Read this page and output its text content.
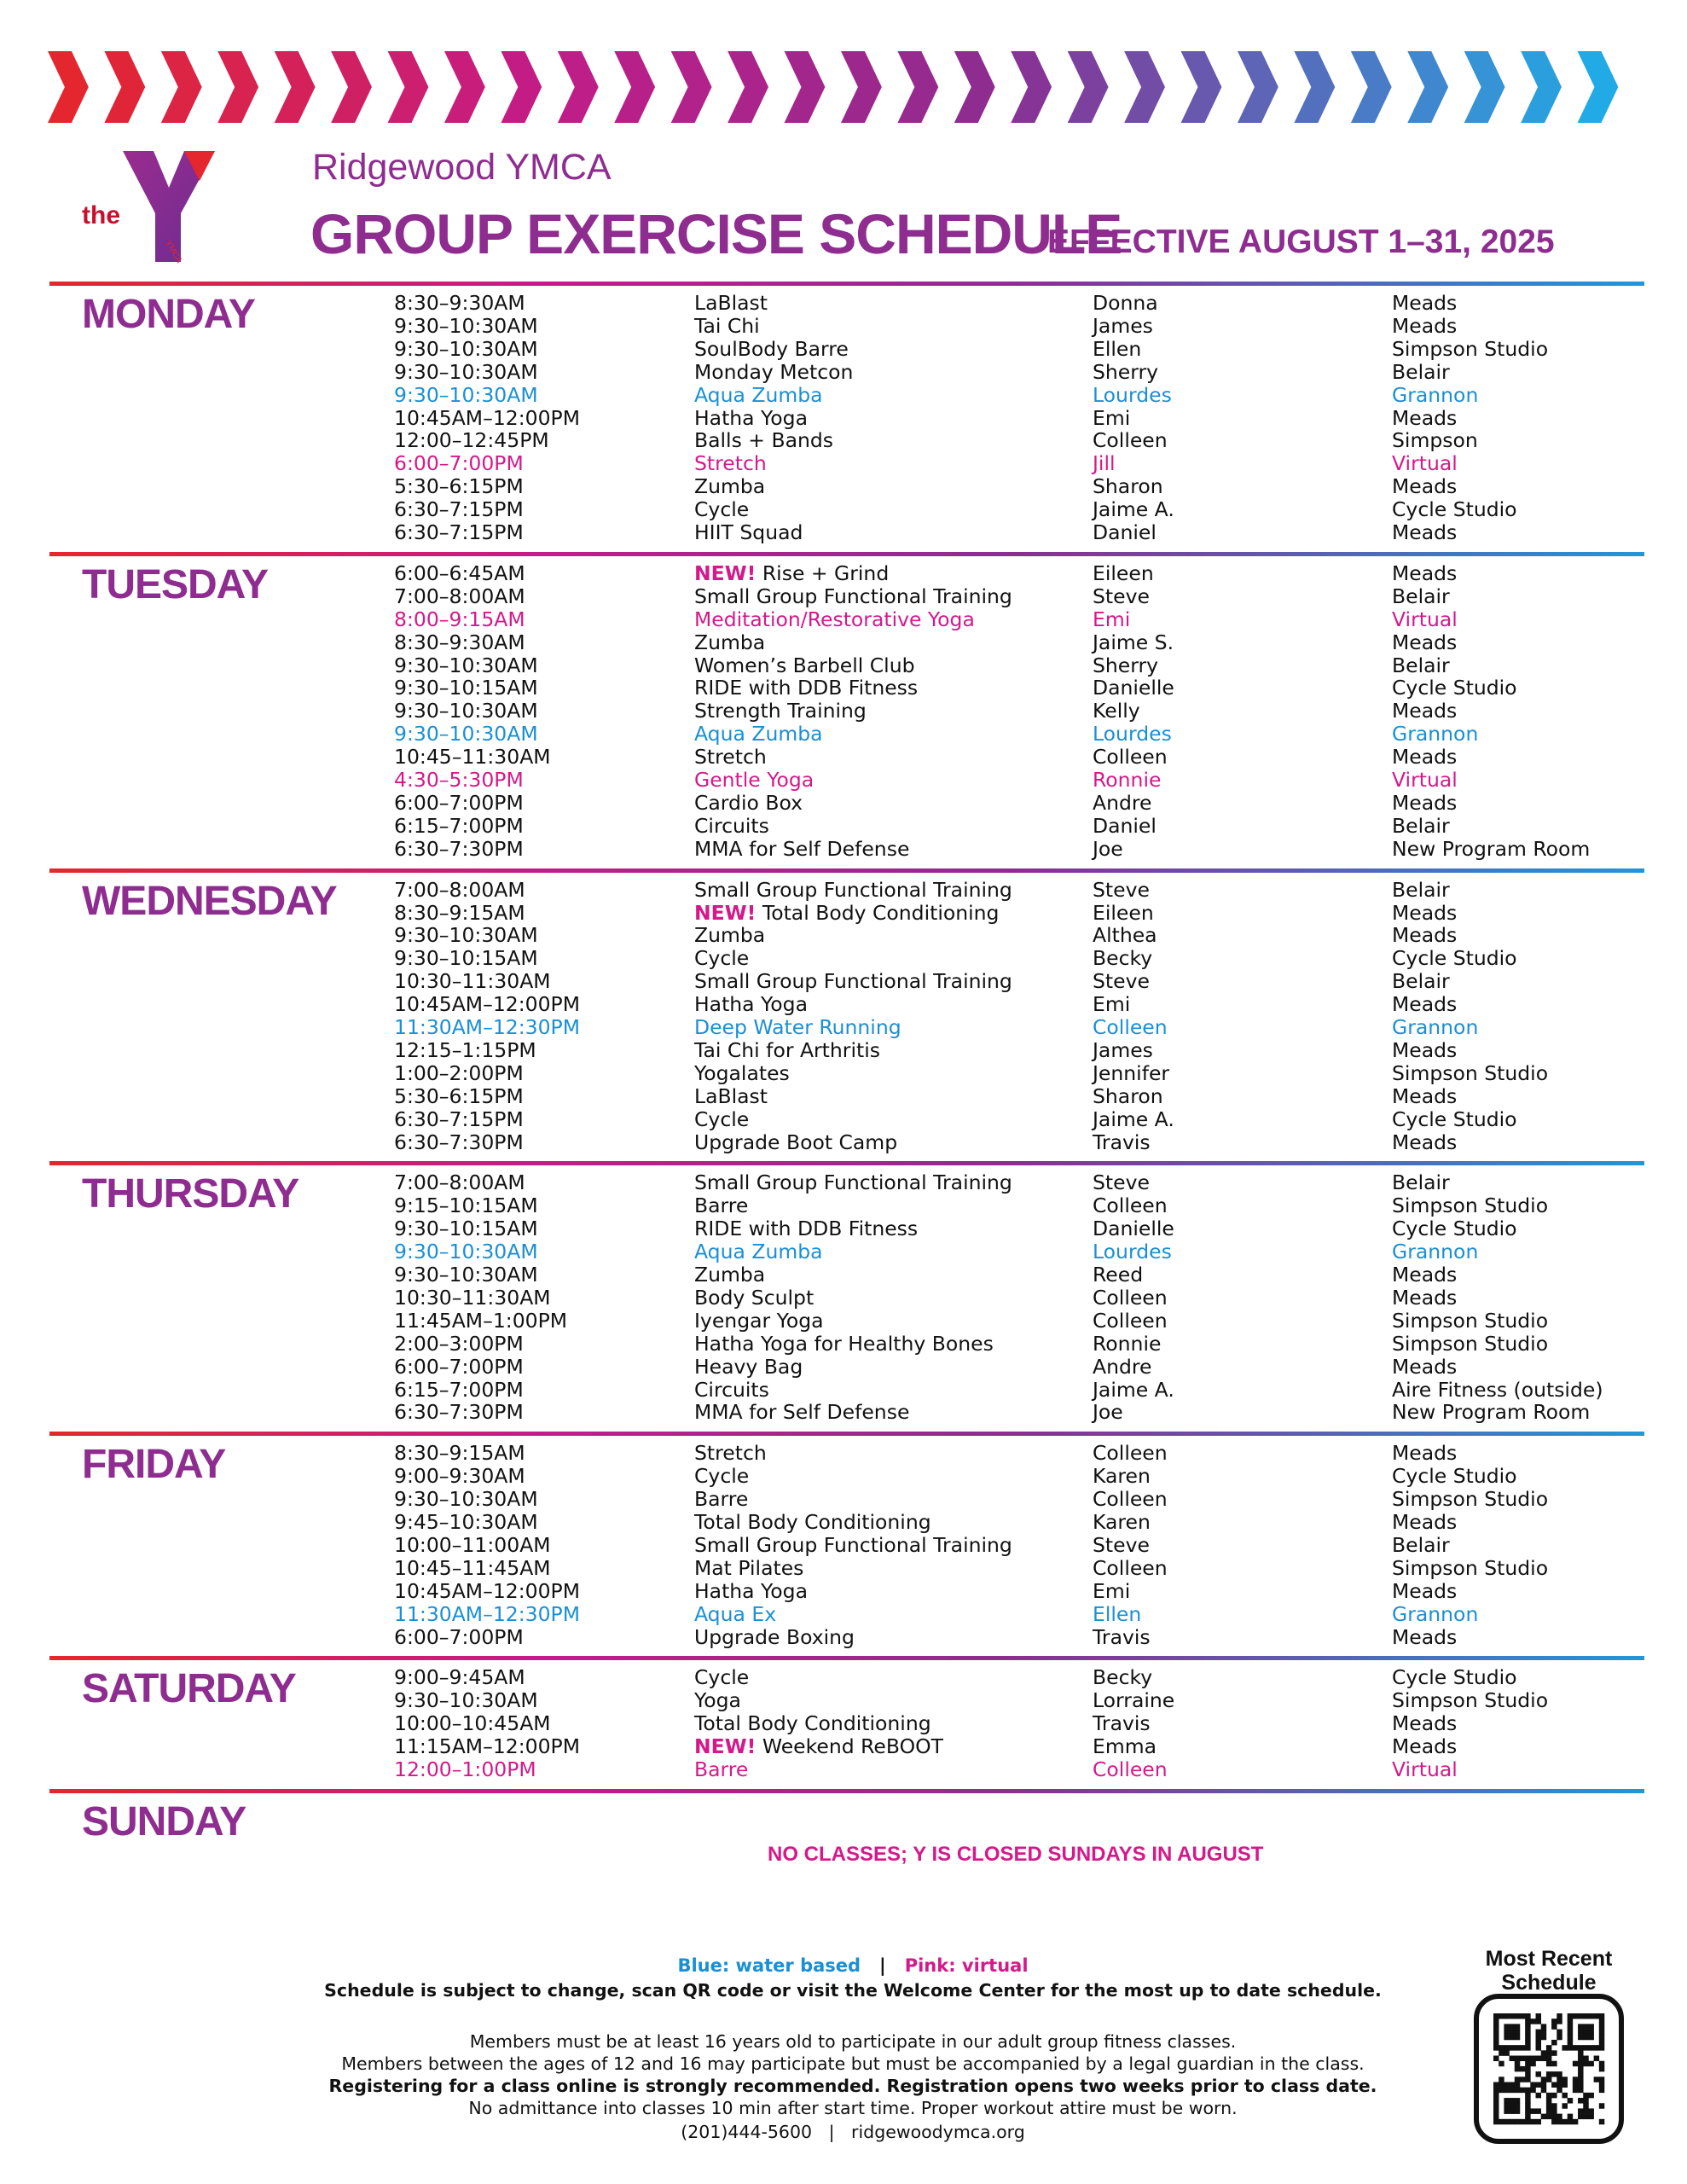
the
YMCA
Ridgewood YMCA
GROUP EXERCISE SCHEDULE
EFFECTIVE AUGUST 1–31, 2025
MONDAY	8:30–9:30AM	LaBlast	Donna	Meads
9:30–10:30AM	Tai Chi	James	Meads
9:30–10:30AM	SoulBody Barre	Ellen	Simpson Studio
9:30–10:30AM	Monday Metcon	Sherry	Belair
9:30–10:30AM	Aqua Zumba	Lourdes	Grannon
10:45AM–12:00PM	Hatha Yoga	Emi	Meads
12:00–12:45PM	Balls + Bands	Colleen	Simpson
6:00–7:00PM	Stretch	Jill	Virtual
5:30–6:15PM	Zumba	Sharon	Meads
6:30–7:15PM	Cycle	Jaime A.	Cycle Studio
6:30–7:15PM	HIIT Squad	Daniel	Meads
TUESDAY	6:00–6:45AM	NEW! Rise + Grind	Eileen	Meads
7:00–8:00AM	Small Group Functional Training	Steve	Belair
8:00–9:15AM	Meditation/Restorative Yoga	Emi	Virtual
8:30–9:30AM	Zumba	Jaime S.	Meads
9:30–10:30AM	Women’s Barbell Club	Sherry	Belair
9:30–10:15AM	RIDE with DDB Fitness	Danielle	Cycle Studio
9:30–10:30AM	Strength Training	Kelly	Meads
9:30–10:30AM	Aqua Zumba	Lourdes	Grannon
10:45–11:30AM	Stretch	Colleen	Meads
4:30–5:30PM	Gentle Yoga	Ronnie	Virtual
6:00–7:00PM	Cardio Box	Andre	Meads
6:15–7:00PM	Circuits	Daniel	Belair
6:30–7:30PM	MMA for Self Defense	Joe	New Program Room
WEDNESDAY	7:00–8:00AM	Small Group Functional Training	Steve	Belair
8:30–9:15AM	NEW! Total Body Conditioning	Eileen	Meads
9:30–10:30AM	Zumba	Althea	Meads
9:30–10:15AM	Cycle	Becky	Cycle Studio
10:30–11:30AM	Small Group Functional Training	Steve	Belair
10:45AM–12:00PM	Hatha Yoga	Emi	Meads
11:30AM–12:30PM	Deep Water Running	Colleen	Grannon
12:15–1:15PM	Tai Chi for Arthritis	James	Meads
1:00–2:00PM	Yogalates	Jennifer	Simpson Studio
5:30–6:15PM	LaBlast	Sharon	Meads
6:30–7:15PM	Cycle	Jaime A.	Cycle Studio
6:30–7:30PM	Upgrade Boot Camp	Travis	Meads
THURSDAY	7:00–8:00AM	Small Group Functional Training	Steve	Belair
9:15–10:15AM	Barre	Colleen	Simpson Studio
9:30–10:15AM	RIDE with DDB Fitness	Danielle	Cycle Studio
9:30–10:30AM	Aqua Zumba	Lourdes	Grannon
9:30–10:30AM	Zumba	Reed	Meads
10:30–11:30AM	Body Sculpt	Colleen	Meads
11:45AM–1:00PM	Iyengar Yoga	Colleen	Simpson Studio
2:00–3:00PM	Hatha Yoga for Healthy Bones	Ronnie	Simpson Studio
6:00–7:00PM	Heavy Bag	Andre	Meads
6:15–7:00PM	Circuits	Jaime A.	Aire Fitness (outside)
6:30–7:30PM	MMA for Self Defense	Joe	New Program Room
FRIDAY	8:30–9:15AM	Stretch	Colleen	Meads
9:00–9:30AM	Cycle	Karen	Cycle Studio
9:30–10:30AM	Barre	Colleen	Simpson Studio
9:45–10:30AM	Total Body Conditioning	Karen	Meads
10:00–11:00AM	Small Group Functional Training	Steve	Belair
10:45–11:45AM	Mat Pilates	Colleen	Simpson Studio
10:45AM–12:00PM	Hatha Yoga	Emi	Meads
11:30AM–12:30PM	Aqua Ex	Ellen	Grannon
6:00–7:00PM	Upgrade Boxing	Travis	Meads
SATURDAY	9:00–9:45AM	Cycle	Becky	Cycle Studio
9:30–10:30AM	Yoga	Lorraine	Simpson Studio
10:00–10:45AM	Total Body Conditioning	Travis	Meads
11:15AM–12:00PM	NEW! Weekend ReBOOT	Emma	Meads
12:00–1:00PM	Barre	Colleen	Virtual
SUNDAY
NO CLASSES; Y IS CLOSED SUNDAYS IN AUGUST
Blue: water based | Pink: virtual
Schedule is subject to change, scan QR code or visit the Welcome Center for the most up to date schedule.
Members must be at least 16 years old to participate in our adult group fitness classes.
Members between the ages of 12 and 16 may participate but must be accompanied by a legal guardian in the class.
Registering for a class online is strongly recommended. Registration opens two weeks prior to class date.
No admittance into classes 10 min after start time. Proper workout attire must be worn.
(201)444-5600   |   ridgewoodymca.org
Most Recent
Schedule
